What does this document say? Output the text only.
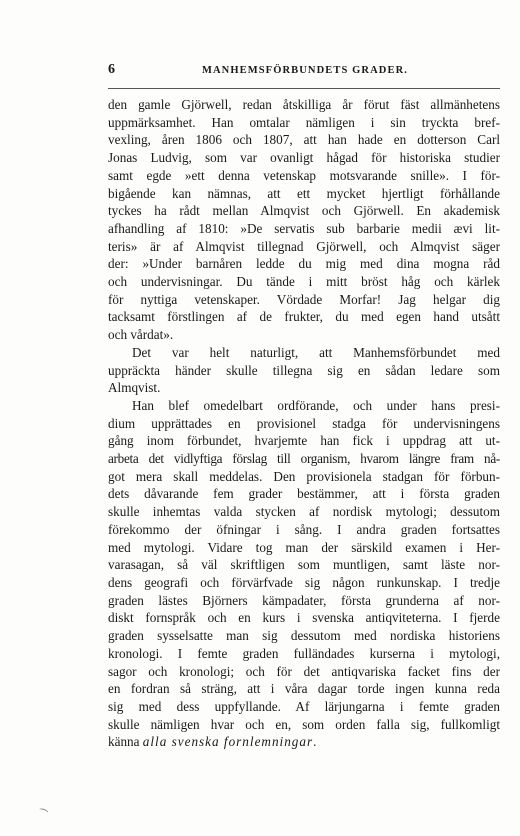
6	MANHEMSFÖRBUNDETS GRADER.

den gamle Gjörwell, redan åtskilliga år förut fäst allmänhetens
uppmärksamhet. Han omtalar nämligen i sin tryckta bref-
vexling, åren 1806 och 1807, att han hade en dotterson Carl
Jonas Ludvig, som var ovanligt hågad för historiska studier
samt egde »ett denna vetenskap motsvarande snille». I för-
bigående kan nämnas, att ett mycket hjertligt förhållande
tyckes ha rådt mellan Almqvist och Gjörwell. En akademisk
afhandling af 1810: »De servatis sub barbarie medii ævi lit-
teris» är af Almqvist tillegnad Gjörwell, och Almqvist säger
der: »Under barnåren ledde du mig med dina mogna råd
och undervisningar. Du tände i mitt bröst håg och kärlek
för nyttiga vetenskaper. Vördade Morfar! Jag helgar dig
tacksamt förstlingen af de frukter, du med egen hand utsått
och vårdat».

Det var helt naturligt, att Manhemsförbundet med
uppräckta händer skulle tillegna sig en sådan ledare som
Almqvist.

Han blef omedelbart ordförande, och under hans presi-
dium upprättades en provisionel stadga för undervisningens
gång inom förbundet, hvarjemte han fick i uppdrag att ut-
arbeta det vidlyftiga förslag till organism, hvarom längre fram nå-
got mera skall meddelas. Den provisionela stadgan för förbun-
dets dåvarande fem grader bestämmer, att i första graden
skulle inhemtas valda stycken af nordisk mytologi; dessutom
förekommo der öfningar i sång. I andra graden fortsattes
med mytologi. Vidare tog man der särskild examen i Her-
varasagan, så väl skriftligen som muntligen, samt läste nor-
dens geografi och förvärfvade sig någon runkunskap. I tredje
graden lästes Björners kämpadater, första grunderna af nor-
diskt fornspråk och en kurs i svenska antiqviteterna. I fjerde
graden sysselsatte man sig dessutom med nordiska historiens
kronologi. I femte graden fulländades kurserna i mytologi,
sagor och kronologi; och för det antiqvariska facket fins der
en fordran så sträng, att i våra dagar torde ingen kunna reda
sig med dess uppfyllande. Af lärjungarna i femte graden
skulle nämligen hvar och en, som orden falla sig, fullkomligt
känna alla svenska fornlemningar.

⁀
